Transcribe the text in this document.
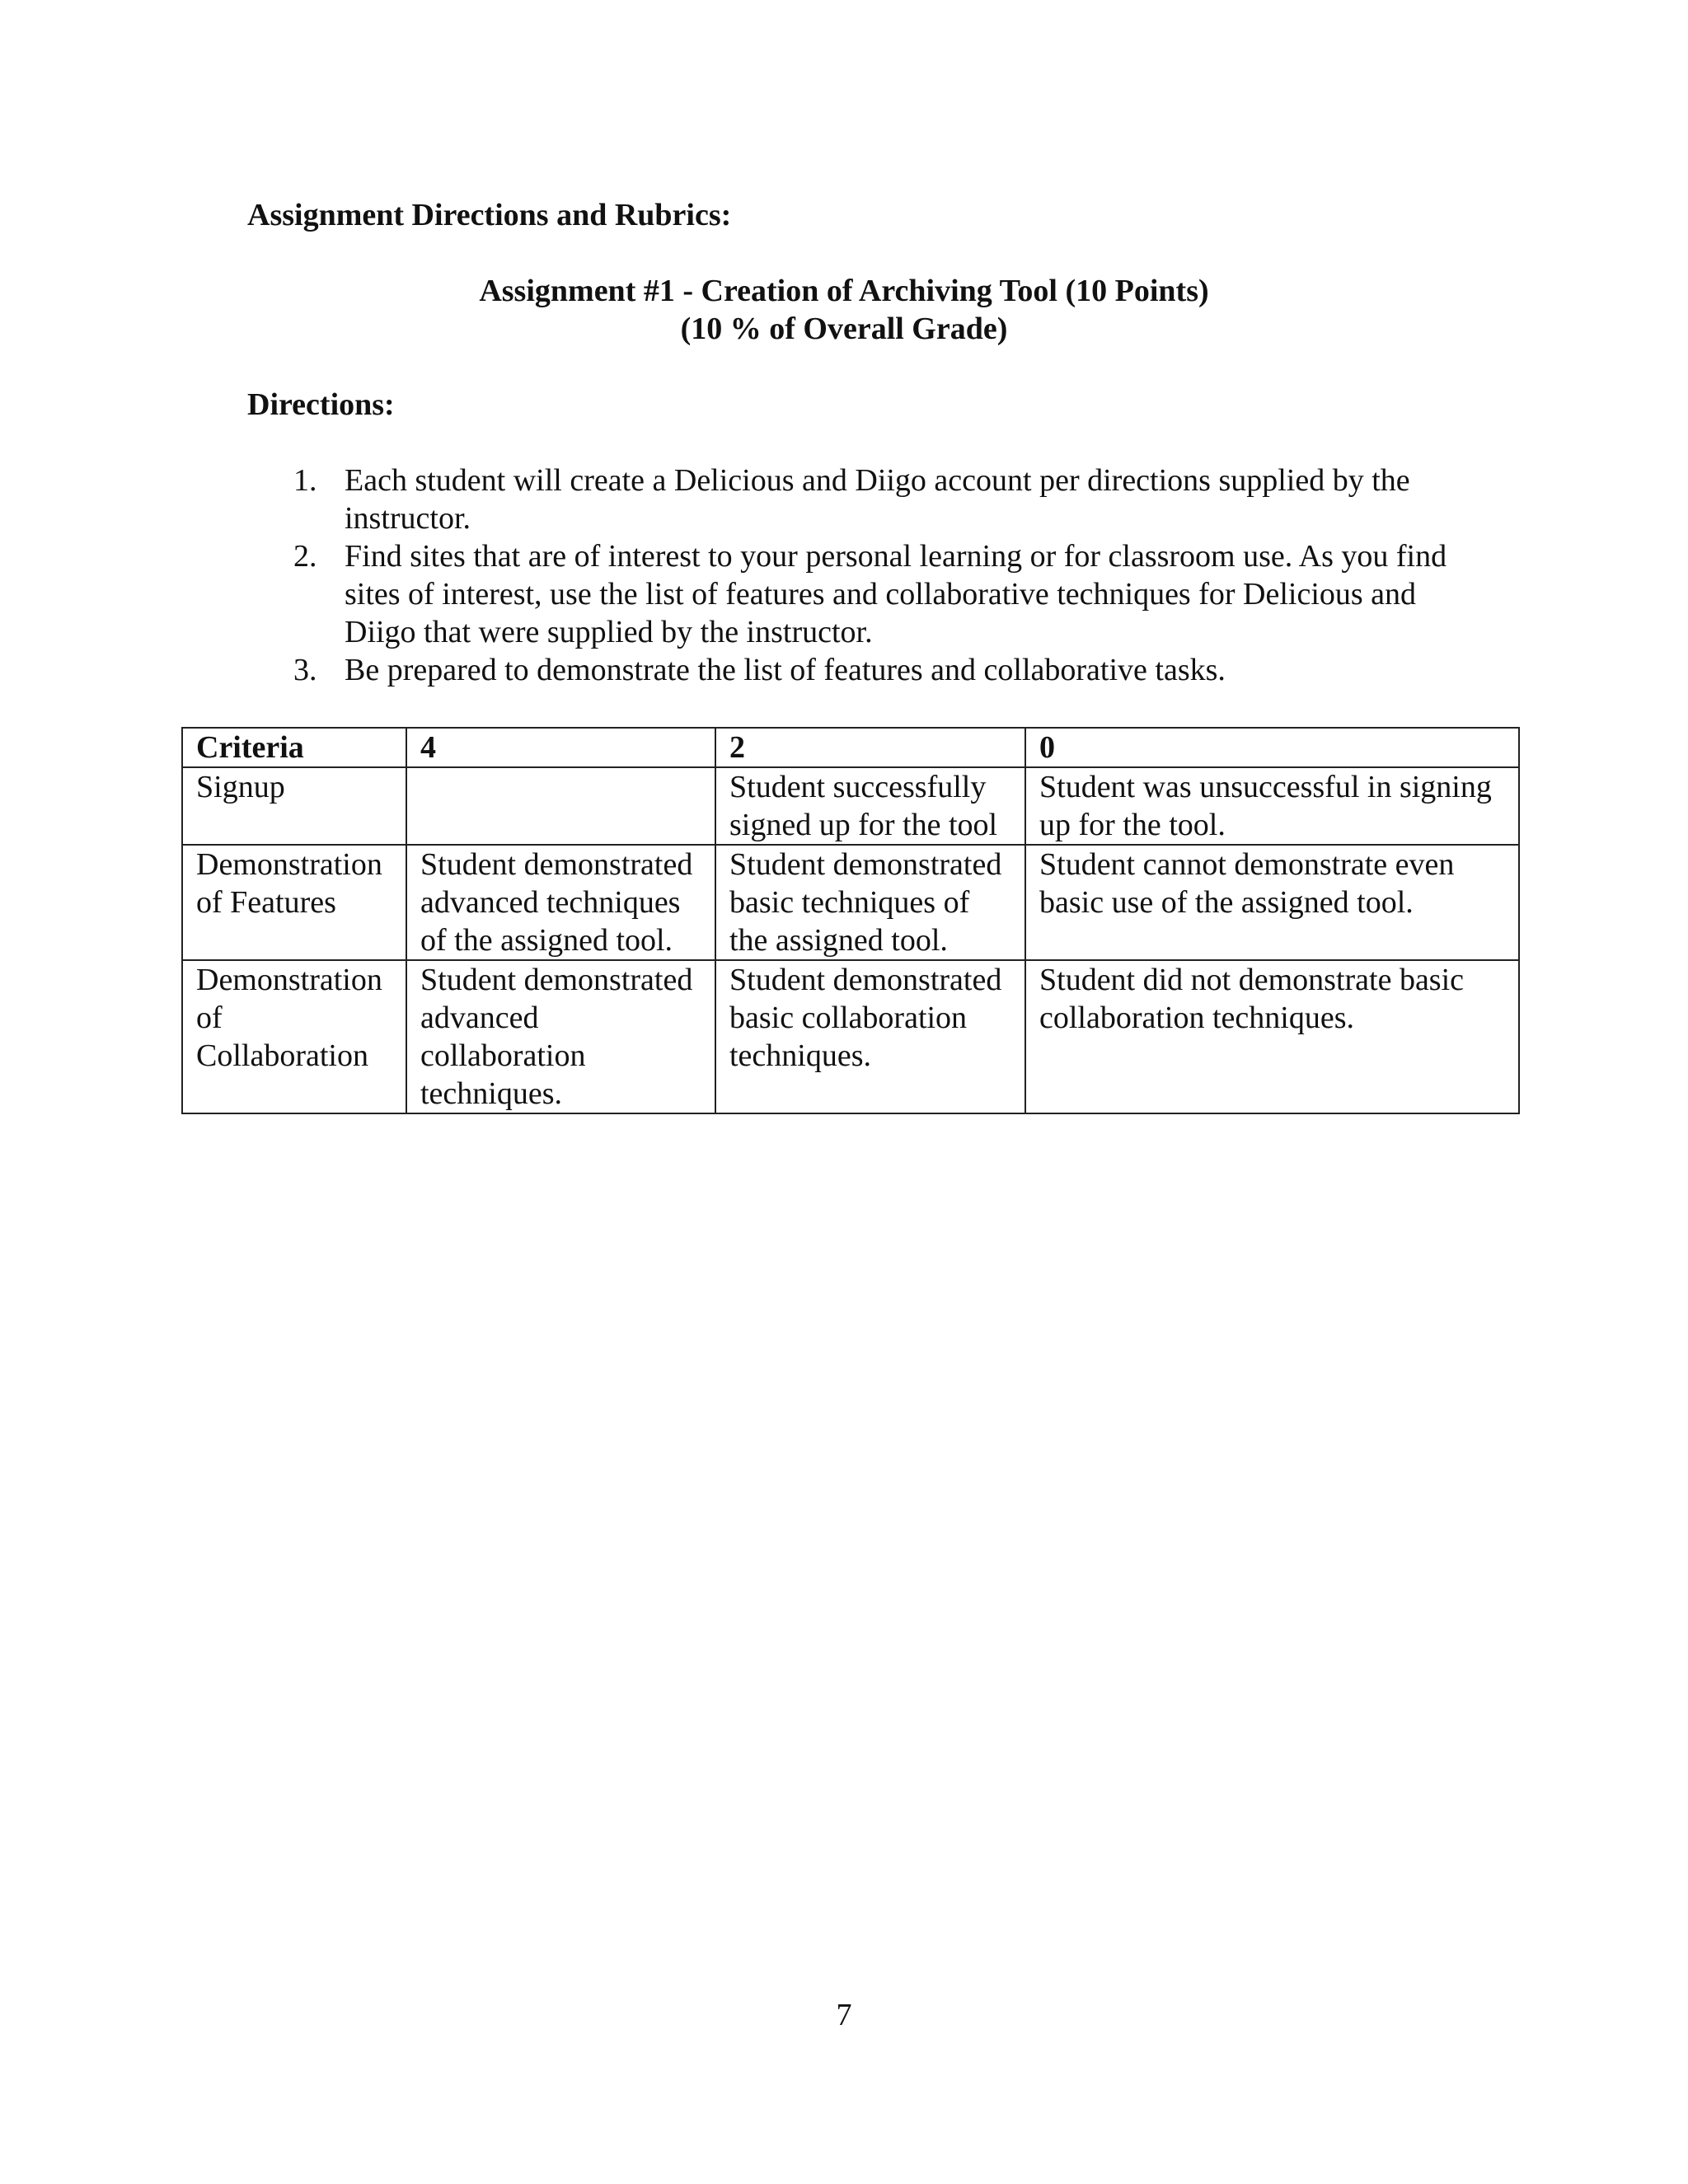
Assignment Directions and Rubrics:
Assignment #1 - Creation of Archiving Tool (10 Points)
(10 % of Overall Grade)
Directions:
1. Each student will create a Delicious and Diigo account per directions supplied by the instructor.
2. Find sites that are of interest to your personal learning or for classroom use. As you find sites of interest, use the list of features and collaborative techniques for Delicious and Diigo that were supplied by the instructor.
3. Be prepared to demonstrate the list of features and collaborative tasks.
Criteria	4	2	0
Signup		Student successfully signed up for the tool	Student was unsuccessful in signing up for the tool.
Demonstration of Features	Student demonstrated advanced techniques of the assigned tool.	Student demonstrated basic techniques of the assigned tool.	Student cannot demonstrate even basic use of the assigned tool.
Demonstration of Collaboration	Student demonstrated advanced collaboration techniques.	Student demonstrated basic collaboration techniques.	Student did not demonstrate basic collaboration techniques.
7
